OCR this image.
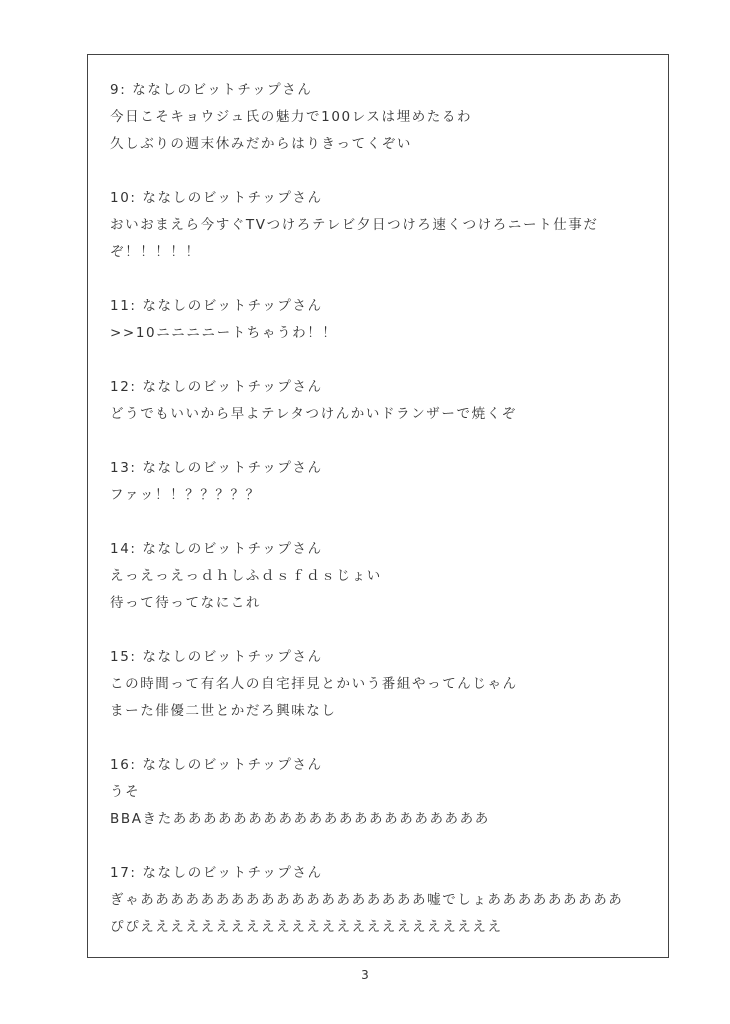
9: ななしのビットチップさん
今日こそキョウジュ氏の魅力で100レスは埋めたるわ
久しぶりの週末休みだからはりきってくぞい
10: ななしのビットチップさん
おいおまえら今すぐTVつけろテレビ夕日つけろ速くつけろニート仕事だぞ！！！！！
11: ななしのビットチップさん
>>10ニニニニートちゃうわ！！
12: ななしのビットチップさん
どうでもいいから早よテレタつけんかいドランザーで焼くぞ
13: ななしのビットチップさん
ファッ！！？？？？？
14: ななしのビットチップさん
えっえっえっｄｈしふｄｓｆｄｓじょい
待って待ってなにこれ
15: ななしのビットチップさん
この時間って有名人の自宅拝見とかいう番組やってんじゃん
まーた俳優二世とかだろ興味なし
16: ななしのビットチップさん
うそ
BBAきたあああああああああああああああああああああ
17: ななしのビットチップさん
ぎゃあああああああああああああああああああ嘘でしょあああああああああ
ぴぴええええええええええええええええええええええええ
3
